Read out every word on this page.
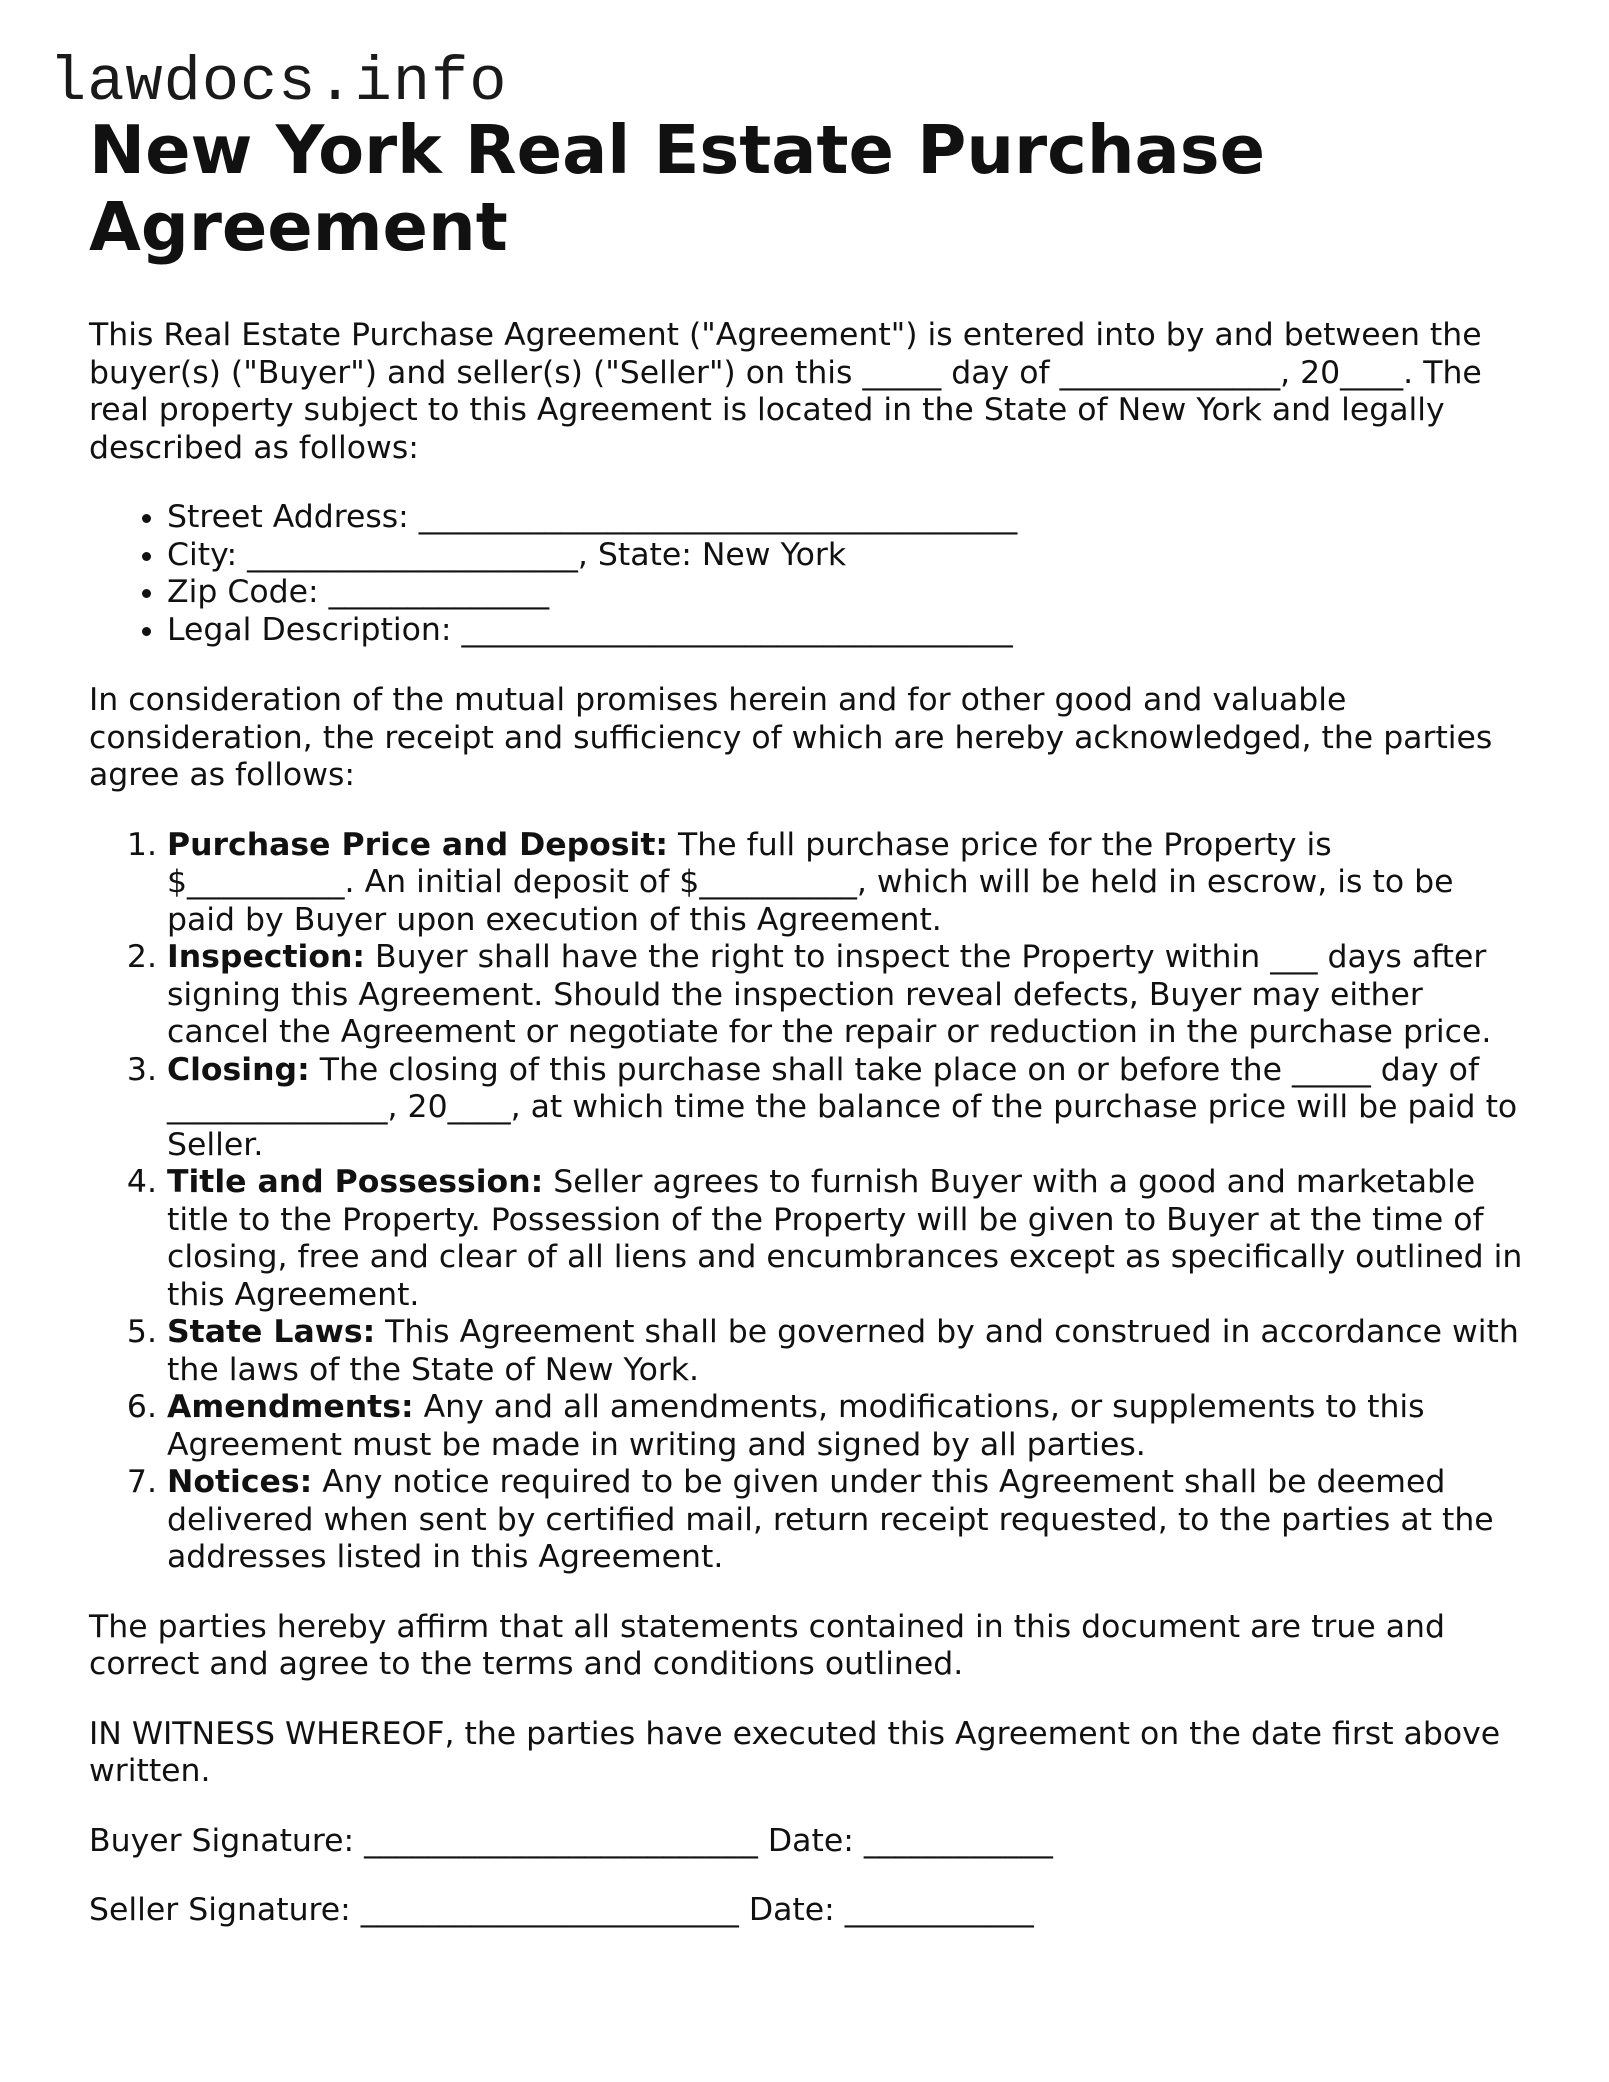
lawdocs.info
New York Real Estate Purchase Agreement

This Real Estate Purchase Agreement ("Agreement") is entered into by and between the buyer(s) ("Buyer") and seller(s) ("Seller") on this _____ day of ______________, 20____. The real property subject to this Agreement is located in the State of New York and legally described as follows:

• Street Address: ______________________________________
• City: _____________________, State: New York
• Zip Code: ______________
• Legal Description: ___________________________________

In consideration of the mutual promises herein and for other good and valuable consideration, the receipt and sufficiency of which are hereby acknowledged, the parties agree as follows:

1. Purchase Price and Deposit: The full purchase price for the Property is $__________. An initial deposit of $__________, which will be held in escrow, is to be paid by Buyer upon execution of this Agreement.
2. Inspection: Buyer shall have the right to inspect the Property within ___ days after signing this Agreement. Should the inspection reveal defects, Buyer may either cancel the Agreement or negotiate for the repair or reduction in the purchase price.
3. Closing: The closing of this purchase shall take place on or before the _____ day of ______________, 20____, at which time the balance of the purchase price will be paid to Seller.
4. Title and Possession: Seller agrees to furnish Buyer with a good and marketable title to the Property. Possession of the Property will be given to Buyer at the time of closing, free and clear of all liens and encumbrances except as specifically outlined in this Agreement.
5. State Laws: This Agreement shall be governed by and construed in accordance with the laws of the State of New York.
6. Amendments: Any and all amendments, modifications, or supplements to this Agreement must be made in writing and signed by all parties.
7. Notices: Any notice required to be given under this Agreement shall be deemed delivered when sent by certified mail, return receipt requested, to the parties at the addresses listed in this Agreement.

The parties hereby affirm that all statements contained in this document are true and correct and agree to the terms and conditions outlined.

IN WITNESS WHEREOF, the parties have executed this Agreement on the date first above written.

Buyer Signature: _________________________ Date: ____________

Seller Signature: ________________________ Date: ____________
